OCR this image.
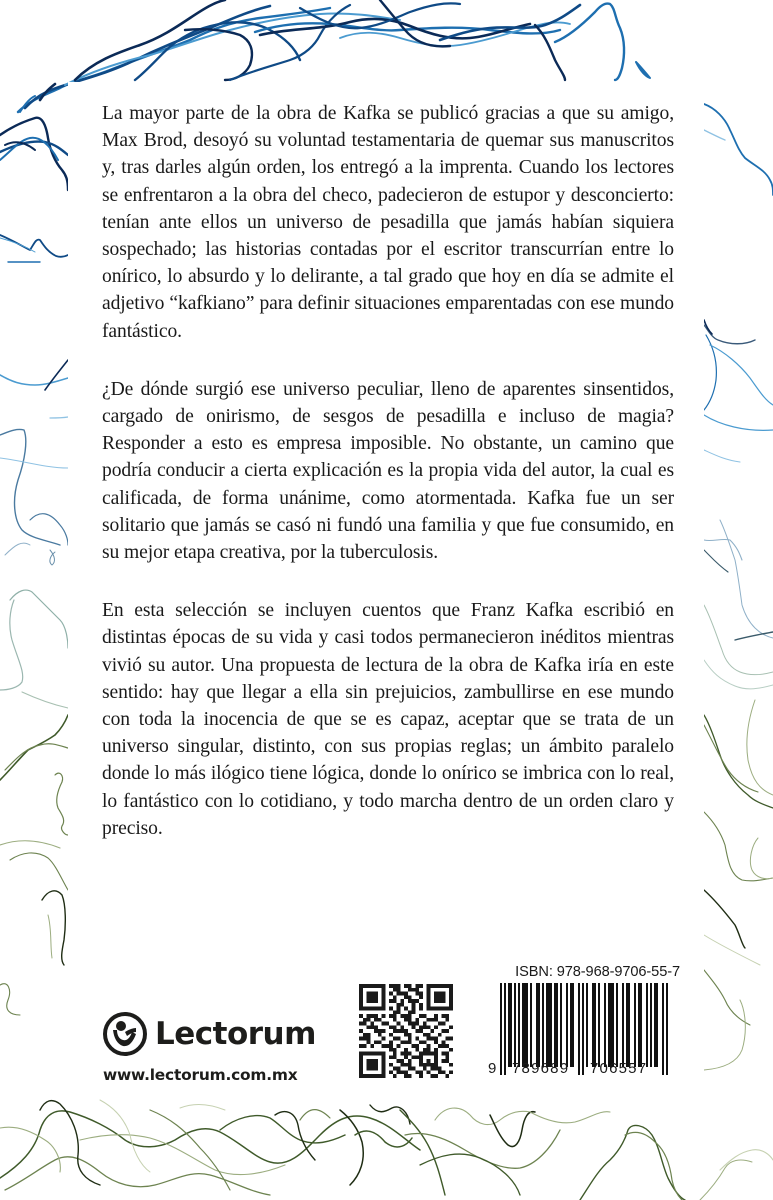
La mayor parte de la obra de Kafka se publicó gracias a que su amigo, Max Brod, desoyó su voluntad testamentaria de quemar sus manuscritos y, tras darles algún orden, los entregó a la imprenta. Cuando los lectores se enfrentaron a la obra del checo, padecieron de estupor y desconcierto: tenían ante ellos un universo de pesadilla que jamás habían siquiera sospechado; las historias contadas por el escritor transcurrían entre lo onírico, lo absurdo y lo delirante, a tal grado que hoy en día se admite el adjetivo “kafkiano” para definir situaciones emparentadas con ese mundo fantástico.

¿De dónde surgió ese universo peculiar, lleno de aparentes sinsentidos, cargado de onirismo, de sesgos de pesadilla e incluso de magia? Responder a esto es empresa imposible. No obstante, un camino que podría conducir a cierta explicación es la propia vida del autor, la cual es calificada, de forma unánime, como atormentada. Kafka fue un ser solitario que jamás se casó ni fundó una familia y que fue consumido, en su mejor etapa creativa, por la tuberculosis.

En esta selección se incluyen cuentos que Franz Kafka escribió en distintas épocas de su vida y casi todos permanecieron inéditos mientras vivió su autor. Una propuesta de lectura de la obra de Kafka iría en este sentido: hay que llegar a ella sin prejuicios, zambullirse en ese mundo con toda la inocencia de que se es capaz, aceptar que se trata de un universo singular, distinto, con sus propias reglas; un ámbito paralelo donde lo más ilógico tiene lógica, donde lo onírico se imbrica con lo real, lo fantástico con lo cotidiano, y todo marcha dentro de un orden claro y preciso.

Lectorum
www.lectorum.com.mx
ISBN: 978-968-9706-55-7
9 789689 706557
